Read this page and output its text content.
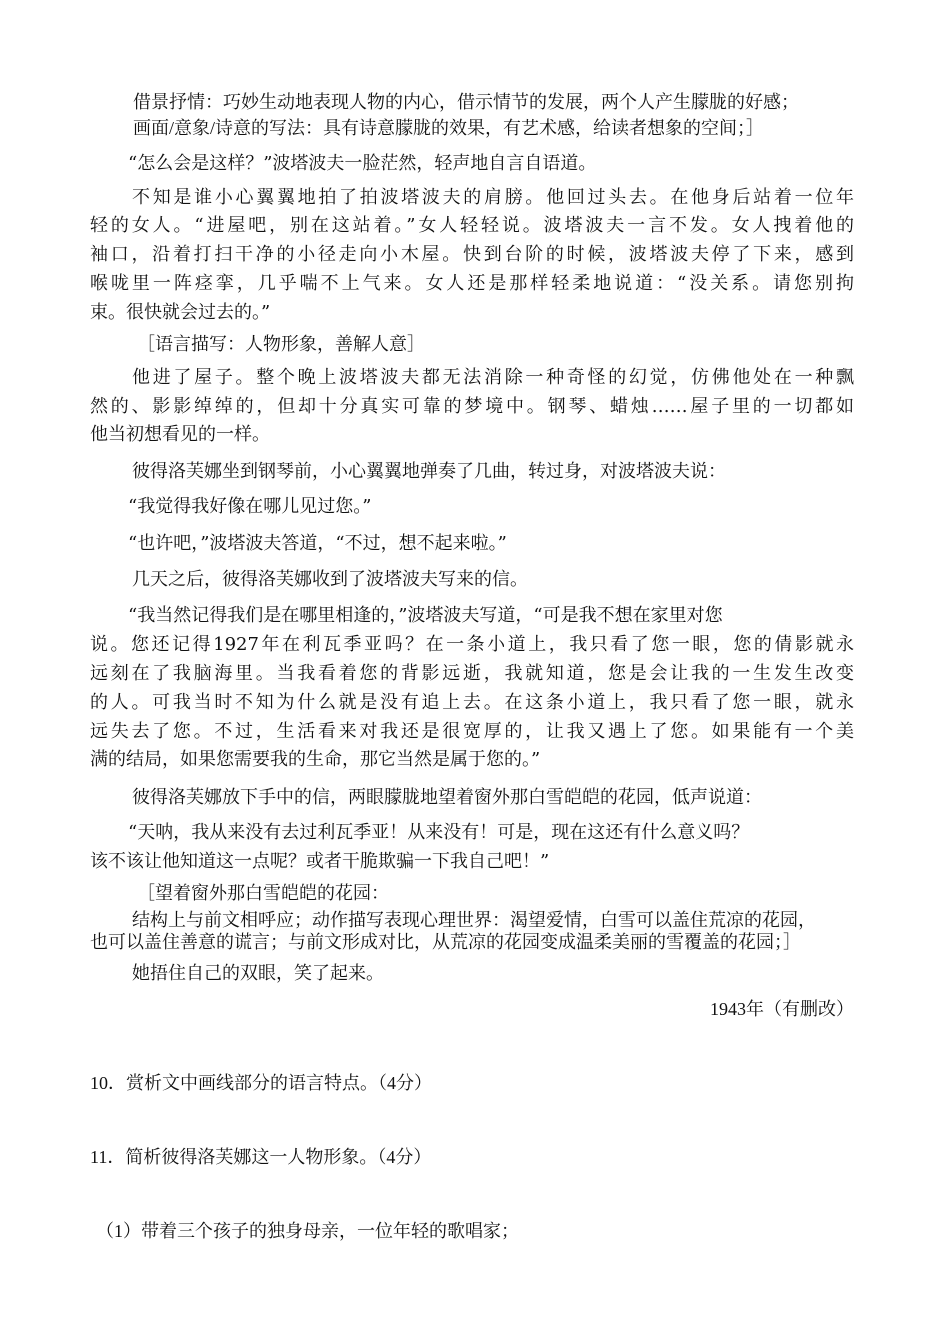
借景抒情：巧妙生动地表现人物的内心，借示情节的发展，两个人产生朦胧的好感；
画面/意象/诗意的写法：具有诗意朦胧的效果，有艺术感，给读者想象的空间；］
“怎么会是这样？”波塔波夫一脸茫然，轻声地自言自语道。
不知是谁小心翼翼地拍了拍波塔波夫的肩膀。他回过头去。在他身后站着一位年
轻的女人。“进屋吧，别在这站着。”女人轻轻说。波塔波夫一言不发。女人拽着他的
袖口，沿着打扫干净的小径走向小木屋。快到台阶的时候，波塔波夫停了下来，感到
喉咙里一阵痉挛，几乎喘不上气来。女人还是那样轻柔地说道：“没关系。请您别拘
束。很快就会过去的。”
［语言描写：人物形象，善解人意］
他进了屋子。整个晚上波塔波夫都无法消除一种奇怪的幻觉，仿佛他处在一种飘
然的、影影绰绰的，但却十分真实可靠的梦境中。钢琴、蜡烛……屋子里的一切都如
他当初想看见的一样。
彼得洛芙娜坐到钢琴前，小心翼翼地弹奏了几曲，转过身，对波塔波夫说：
“我觉得我好像在哪儿见过您。”
“也许吧，”波塔波夫答道，“不过，想不起来啦。”
几天之后，彼得洛芙娜收到了波塔波夫写来的信。
“我当然记得我们是在哪里相逢的，”波塔波夫写道，“可是我不想在家里对您
说。您还记得1927年在利瓦季亚吗？在一条小道上，我只看了您一眼，您的倩影就永
远刻在了我脑海里。当我看着您的背影远逝，我就知道，您是会让我的一生发生改变
的人。可我当时不知为什么就是没有追上去。在这条小道上，我只看了您一眼，就永
远失去了您。不过，生活看来对我还是很宽厚的，让我又遇上了您。如果能有一个美
满的结局，如果您需要我的生命，那它当然是属于您的。”
彼得洛芙娜放下手中的信，两眼朦胧地望着窗外那白雪皑皑的花园，低声说道：
“天呐，我从来没有去过利瓦季亚！从来没有！可是，现在这还有什么意义吗？
该不该让他知道这一点呢？或者干脆欺骗一下我自己吧！”
［望着窗外那白雪皑皑的花园：
结构上与前文相呼应；动作描写表现心理世界：渴望爱情，白雪可以盖住荒凉的花园，
也可以盖住善意的谎言；与前文形成对比，从荒凉的花园变成温柔美丽的雪覆盖的花园；］
她捂住自己的双眼，笑了起来。
1943年（有删改）
10．赏析文中画线部分的语言特点。（4分）
11．简析彼得洛芙娜这一人物形象。（4分）
（1）带着三个孩子的独身母亲，一位年轻的歌唱家；
